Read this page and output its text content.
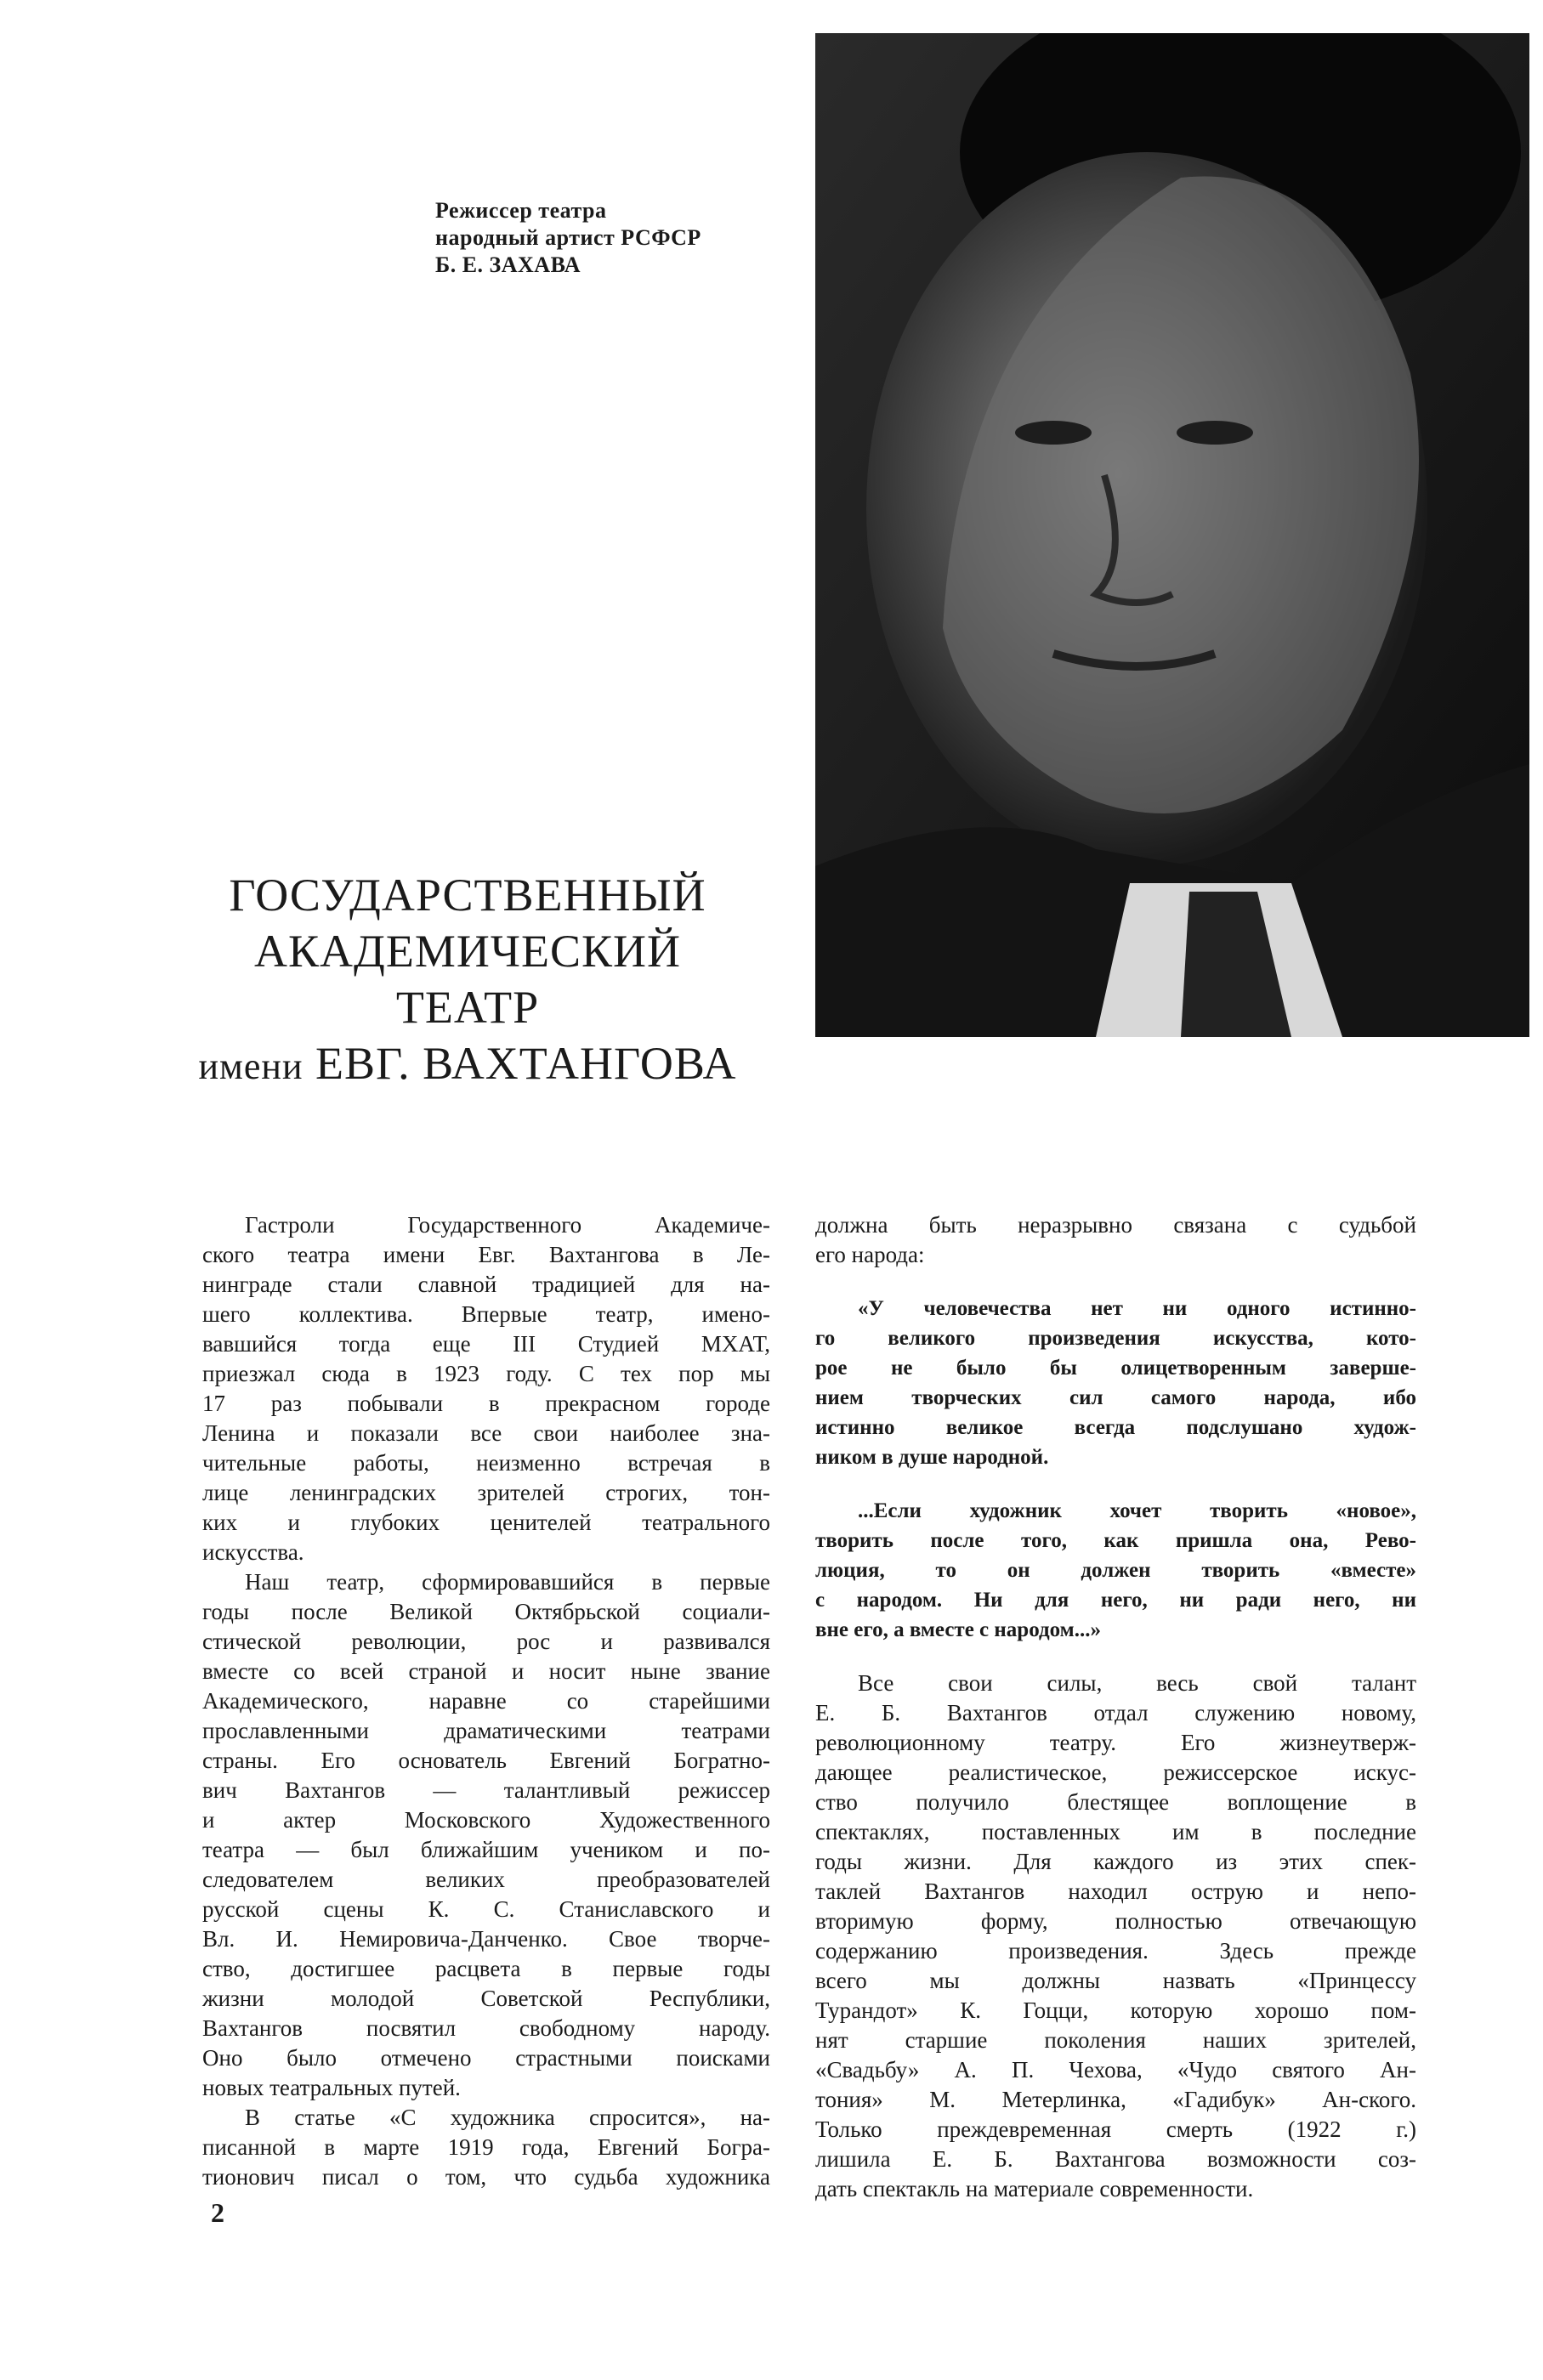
Режиссер театра
народный артист РСФСР
Б. Е. ЗАХАВА
ГОСУДАРСТВЕННЫЙ
АКАДЕМИЧЕСКИЙ
ТЕАТР
имени ЕВГ. ВАХТАНГОВА
Гастроли Государственного Академиче-
ского театра имени Евг. Вахтангова в Ле-
нинграде стали славной традицией для на-
шего коллектива. Впервые театр, имено-
вавшийся тогда еще III Студией МХАТ,
приезжал сюда в 1923 году. С тех пор мы
17 раз побывали в прекрасном городе
Ленина и показали все свои наиболее зна-
чительные работы, неизменно встречая в
лице ленинградских зрителей строгих, тон-
ких и глубоких ценителей театрального
искусства.
Наш театр, сформировавшийся в первые
годы после Великой Октябрьской социали-
стической революции, рос и развивался
вместе со всей страной и носит ныне звание
Академического, наравне со старейшими
прославленными драматическими театрами
страны. Его основатель Евгений Богратно-
вич Вахтангов — талантливый режиссер
и актер Московского Художественного
театра — был ближайшим учеником и по-
следователем великих преобразователей
русской сцены К. С. Станиславского и
Вл. И. Немировича-Данченко. Свое творче-
ство, достигшее расцвета в первые годы
жизни молодой Советской Республики,
Вахтангов посвятил свободному народу.
Оно было отмечено страстными поисками
новых театральных путей.
В статье «С художника спросится», на-
писанной в марте 1919 года, Евгений Богра-
тионович писал о том, что судьба художника
должна быть неразрывно связана с судьбой
его народа:
«У человечества нет ни одного истинно-
го великого произведения искусства, кото-
рое не было бы олицетворенным заверше-
нием творческих сил самого народа, ибо
истинно великое всегда подслушано худож-
ником в душе народной.
...Если художник хочет творить «новое»,
творить после того, как пришла она, Рево-
люция, то он должен творить «вместе»
с народом. Ни для него, ни ради него, ни
вне его, а вместе с народом...»
Все свои силы, весь свой талант
Е. Б. Вахтангов отдал служению новому,
революционному театру. Его жизнеутверж-
дающее реалистическое, режиссерское искус-
ство получило блестящее воплощение в
спектаклях, поставленных им в последние
годы жизни. Для каждого из этих спек-
таклей Вахтангов находил острую и непо-
вторимую форму, полностью отвечающую
содержанию произведения. Здесь прежде
всего мы должны назвать «Принцессу
Турандот» К. Гоцци, которую хорошо пом-
нят старшие поколения наших зрителей,
«Свадьбу» А. П. Чехова, «Чудо святого Ан-
тония» М. Метерлинка, «Гадибук» Ан-ского.
Только преждевременная смерть (1922 г.)
лишила Е. Б. Вахтангова возможности соз-
дать спектакль на материале современности.
2
